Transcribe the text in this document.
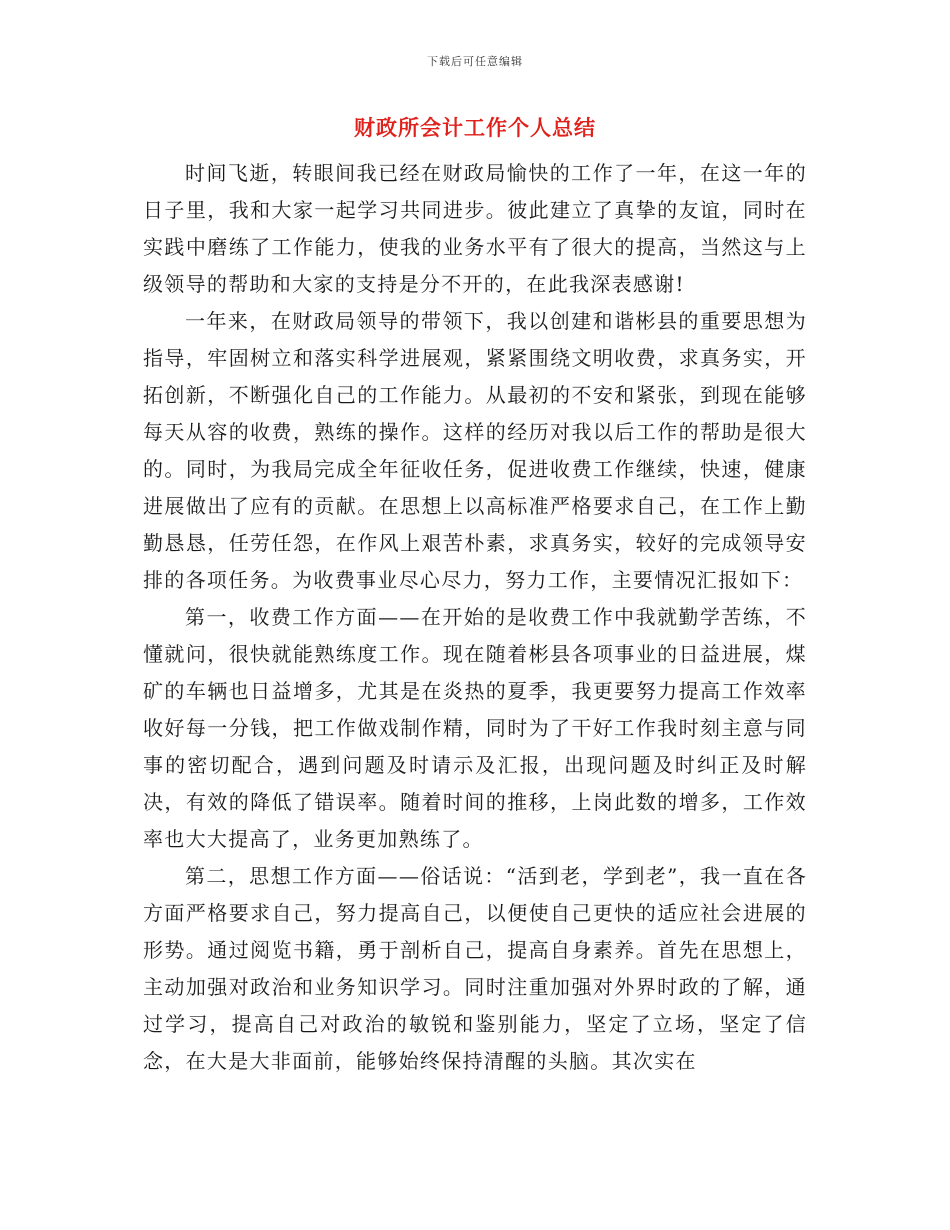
下载后可任意编辑
财政所会计工作个人总结

时间飞逝，转眼间我已经在财政局愉快的工作了一年，在这一年的日子里，我和大家一起学习共同进步。彼此建立了真挚的友谊，同时在实践中磨练了工作能力，使我的业务水平有了很大的提高，当然这与上级领导的帮助和大家的支持是分不开的，在此我深表感谢!

一年来，在财政局领导的带领下，我以创建和谐彬县的重要思想为指导，牢固树立和落实科学进展观，紧紧围绕文明收费，求真务实，开拓创新，不断强化自己的工作能力。从最初的不安和紧张，到现在能够每天从容的收费，熟练的操作。这样的经历对我以后工作的帮助是很大的。同时，为我局完成全年征收任务，促进收费工作继续，快速，健康进展做出了应有的贡献。在思想上以高标准严格要求自己，在工作上勤勤恳恳，任劳任怨，在作风上艰苦朴素，求真务实，较好的完成领导安排的各项任务。为收费事业尽心尽力，努力工作，主要情况汇报如下：

第一，收费工作方面——在开始的是收费工作中我就勤学苦练，不懂就问，很快就能熟练度工作。现在随着彬县各项事业的日益进展，煤矿的车辆也日益增多，尤其是在炎热的夏季，我更要努力提高工作效率收好每一分钱，把工作做戏制作精，同时为了干好工作我时刻主意与同事的密切配合，遇到问题及时请示及汇报，出现问题及时纠正及时解决，有效的降低了错误率。随着时间的推移，上岗此数的增多，工作效率也大大提高了，业务更加熟练了。

第二，思想工作方面——俗话说：“活到老，学到老”，我一直在各方面严格要求自己，努力提高自己，以便使自己更快的适应社会进展的形势。通过阅览书籍，勇于剖析自己，提高自身素养。首先在思想上，主动加强对政治和业务知识学习。同时注重加强对外界时政的了解，通过学习，提高自己对政治的敏锐和鉴别能力，坚定了立场，坚定了信念，在大是大非面前，能够始终保持清醒的头脑。其次实在
